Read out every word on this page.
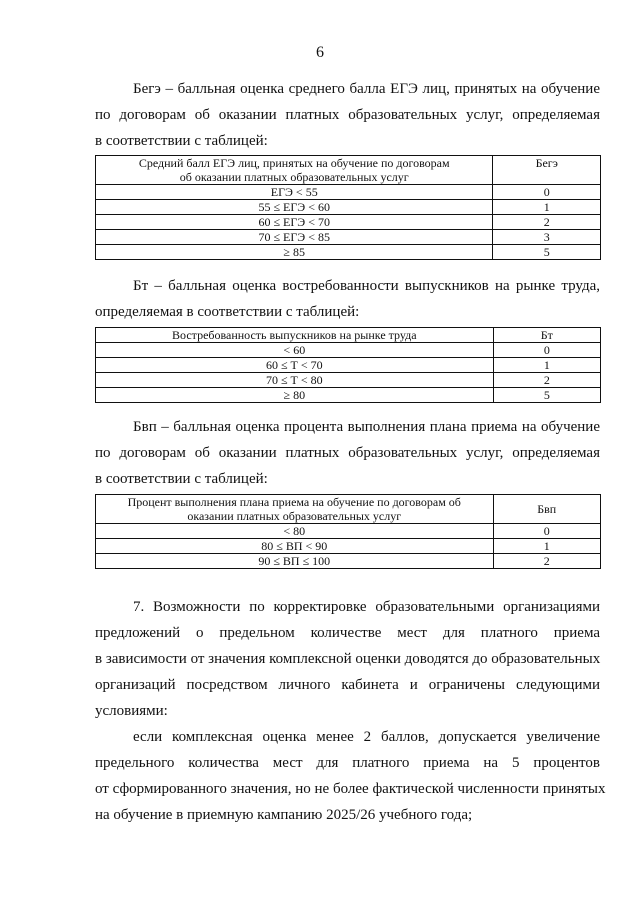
6
Бегэ – балльная оценка среднего балла ЕГЭ лиц, принятых на обучение
по договорам об оказании платных образовательных услуг, определяемая
в соответствии с таблицей:
Средний балл ЕГЭ лиц, принятых на обучение по договорам
об оказании платных образовательных услуг	Бегэ
ЕГЭ < 55	0
55 ≤ ЕГЭ < 60	1
60 ≤ ЕГЭ < 70	2
70 ≤ ЕГЭ < 85	3
≥ 85	5
Бт – балльная оценка востребованности выпускников на рынке труда,
определяемая в соответствии с таблицей:
Востребованность выпускников на рынке труда	Бт
< 60	0
60 ≤ Т < 70	1
70 ≤ Т < 80	2
≥ 80	5
Бвп – балльная оценка процента выполнения плана приема на обучение
по договорам об оказании платных образовательных услуг, определяемая
в соответствии с таблицей:
Процент выполнения плана приема на обучение по договорам об
оказании платных образовательных услуг	Бвп
< 80	0
80 ≤ ВП < 90	1
90 ≤ ВП ≤ 100	2
7. Возможности по корректировке образовательными организациями
предложений о предельном количестве мест для платного приема
в зависимости от значения комплексной оценки доводятся до образовательных
организаций посредством личного кабинета и ограничены следующими
условиями:
если комплексная оценка менее 2 баллов, допускается увеличение
предельного количества мест для платного приема на 5 процентов
от сформированного значения, но не более фактической численности принятых
на обучение в приемную кампанию 2025/26 учебного года;
